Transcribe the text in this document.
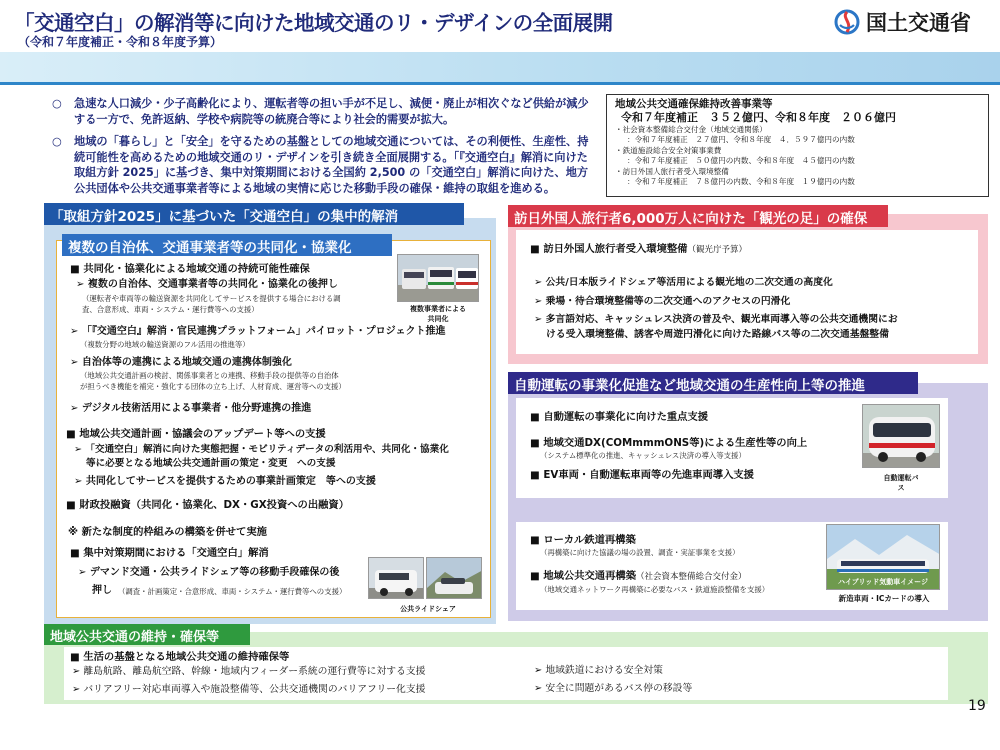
「交通空白」の解消等に向けた地域交通のリ・デザインの全面展開
（令和７年度補正・令和８年度予算）
国土交通省

○ 急速な人口減少・少子高齢化により、運転者等の担い手が不足し、減便・廃止が相次ぐなど供給が減少する一方で、免許返納、学校や病院等の統廃合等により社会的需要が拡大。

○ 地域の「暮らし」と「安全」を守るための基盤としての地域交通については、その利便性、生産性、持続可能性を高めるための地域交通のリ・デザインを引き続き全面展開する。「『交通空白』解消に向けた取組方針 2025」に基づき、集中対策期間における全国約 2,500 の「交通空白」解消に向けた、地方公共団体や公共交通事業者等による地域の実情に応じた移動手段の確保・維持の取組を進める。

地域公共交通確保維持改善事業等
令和７年度補正　３５２億円、令和８年度　２０６億円
・社会資本整備総合交付金（地域交通関係）
：令和７年度補正　２７億円、令和８年度　４．５９７億円の内数
・鉄道施設総合安全対策事業費
：令和７年度補正　５０億円の内数、令和８年度　４５億円の内数
・訪日外国人旅行者受入環境整備
：令和７年度補正　７８億円の内数、令和８年度　１９億円の内数
「取組方針2025」に基づいた「交通空白」の集中的解消
複数の自治体、交通事業者等の共同化・協業化
■ 共同化・協業化による地域交通の持続可能性確保
➢ 複数の自治体、交通事業者等の共同化・協業化の後押し
（運転者や車両等の輸送資源を共同化してサービスを提供する場合における調
査、合意形成、車両・システム・運行費等への支援）	複数事業者による
共同化
➢ 「『交通空白』解消・官民連携プラットフォーム」パイロット・プロジェクト推進
（複数分野の地域の輸送資源のフル活用の推進等）
➢ 自治体等の連携による地域交通の連携体制強化
（地域公共交通計画の検討、関係事業者との連携、移動手段の提供等の自治体
が担うべき機能を補完・強化する団体の立ち上げ、人材育成、運営等への支援）
➢ デジタル技術活用による事業者・他分野連携の推進
■ 地域公共交通計画・協議会のアップデート等への支援
➢ 「交通空白」解消に向けた実態把握・モビリティデータの利活用や、共同化・協業化
等に必要となる地域公共交通計画の策定・変更　への支援
➢ 共同化してサービスを提供するための事業計画策定　等への支援
■ 財政投融資（共同化・協業化、DX・GX投資への出融資）
※ 新たな制度的枠組みの構築を併せて実施
■ 集中対策期間における「交通空白」解消
➢ デマンド交通・公共ライドシェア等の移動手段確保の後
押し （調査・計画策定・合意形成、車両・システム・運行費等への支援）
公共ライドシェア
訪日外国人旅行者6,000万人に向けた「観光の足」の確保
■ 訪日外国人旅行者受入環境整備（観光庁予算）
➢ 公共/日本版ライドシェア等活用による観光地の二次交通の高度化
➢ 乗場・待合環境整備等の二次交通へのアクセスの円滑化
➢ 多言語対応、キャッシュレス決済の普及や、観光車両導入等の公共交通機関にお
ける受入環境整備、誘客や周遊円滑化に向けた路線バス等の二次交通基盤整備
自動運転の事業化促進など地域交通の生産性向上等の推進
■ 自動運転の事業化に向けた重点支援
■ 地域交通DX(COMmmmONS等)による生産性等の向上
（システム標準化の推進、キャッシュレス決済の導入等支援）
■ EV車両・自動運転車両等の先進車両導入支援	自動運転バ
ス
■ ローカル鉄道再構築
（再構築に向けた協議の場の設置、調査・実証事業を支援）
■ 地域公共交通再構築（社会資本整備総合交付金）
（地域交通ネットワーク再構築に必要なバス・鉄道施設整備を支援）
ハイブリッド気動車イメージ
新造車両・ICカードの導入
地域公共交通の維持・確保等
■ 生活の基盤となる地域公共交通の維持確保等
➢ 離島航路、離島航空路、幹線・地域内フィーダー系統の運行費等に対する支援
➢ バリアフリー対応車両導入や施設整備等、公共交通機関のバリアフリー化支援
➢ 地域鉄道における安全対策
➢ 安全に問題があるバス停の移設等
19
